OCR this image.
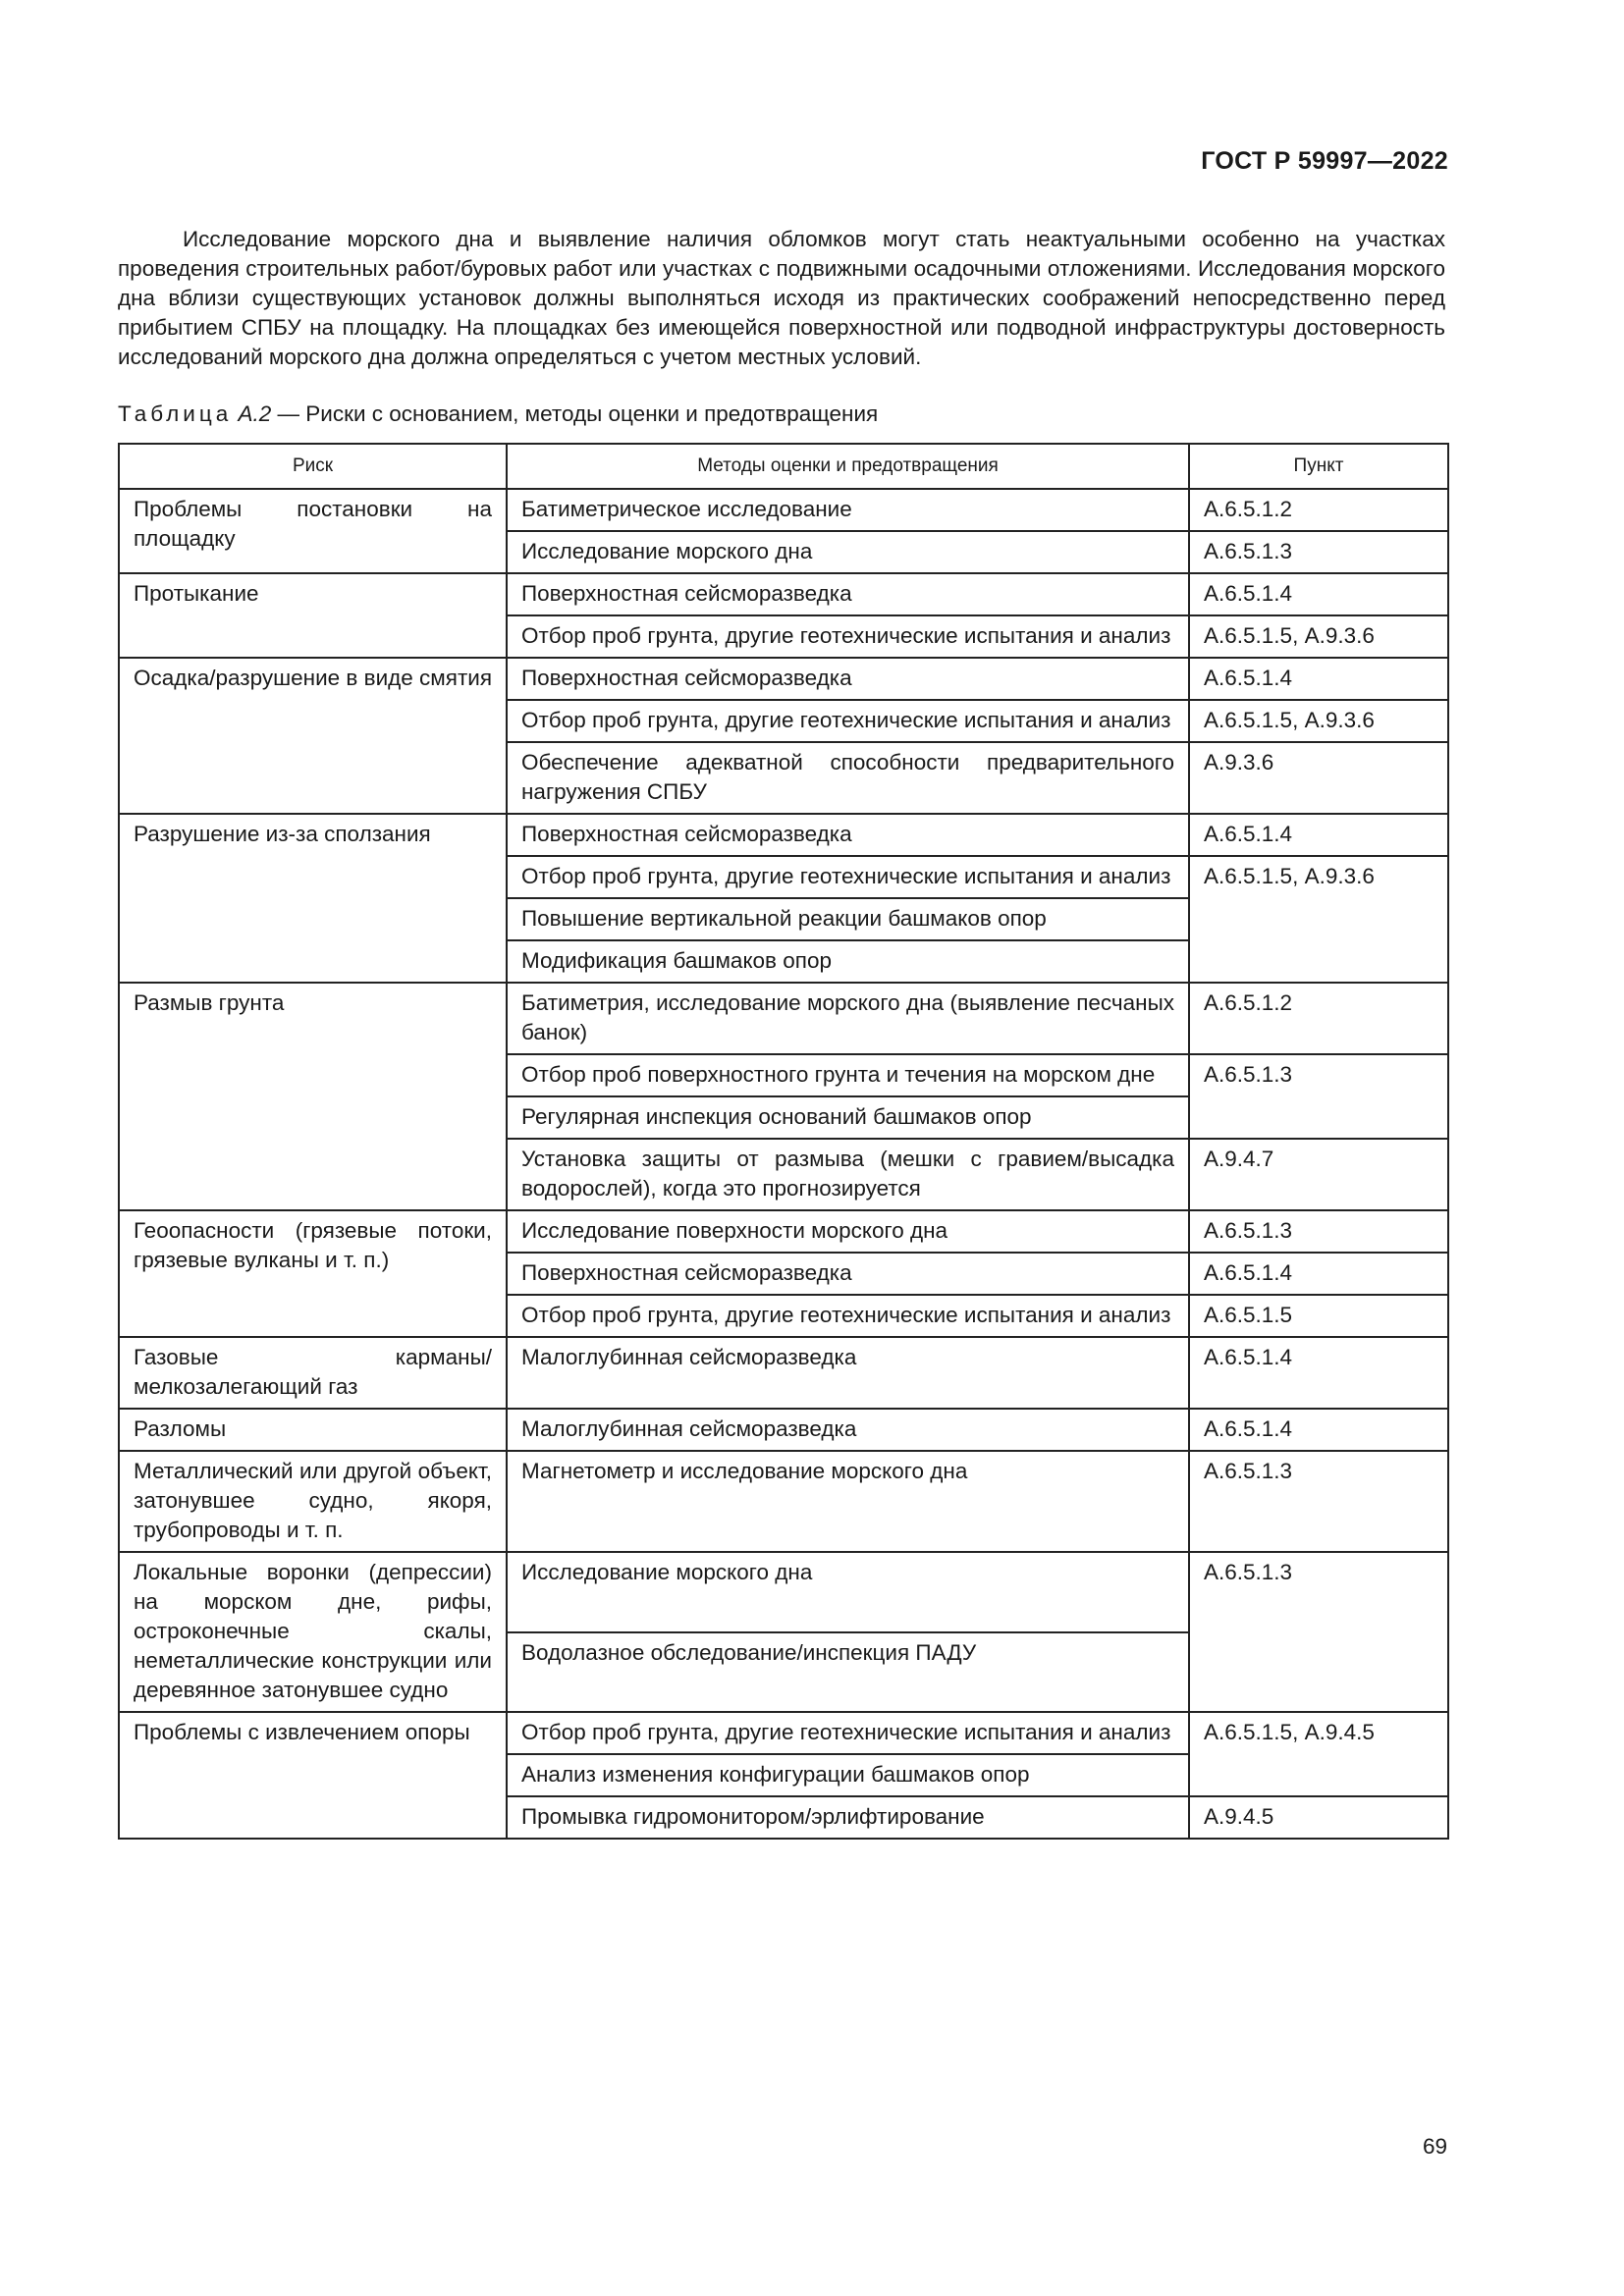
ГОСТ Р 59997—2022

Исследование морского дна и выявление наличия обломков могут стать неактуальными особенно на участках проведения строительных работ/буровых работ или участках с подвижными осадочными отложениями. Исследования морского дна вблизи существующих установок должны выполняться исходя из практических соображений непосредственно перед прибытием СПБУ на площадку. На площадках без имеющейся поверхностной или подводной инфраструктуры достоверность исследований морского дна должна определяться с учетом местных условий.

Таблица А.2 — Риски с основанием, методы оценки и предотвращения

Риск	Методы оценки и предотвращения	Пункт
Проблемы постановки на площадку	Батиметрическое исследование	А.6.5.1.2
	Исследование морского дна	А.6.5.1.3
Протыкание	Поверхностная сейсморазведка	А.6.5.1.4
	Отбор проб грунта, другие геотехнические испытания и анализ	А.6.5.1.5, А.9.3.6
Осадка/разрушение в виде смятия	Поверхностная сейсморазведка	А.6.5.1.4
	Отбор проб грунта, другие геотехнические испытания и анализ	А.6.5.1.5, А.9.3.6
	Обеспечение адекватной способности предварительного нагружения СПБУ	А.9.3.6
Разрушение из-за сползания	Поверхностная сейсморазведка	А.6.5.1.4
	Отбор проб грунта, другие геотехнические испытания и анализ	А.6.5.1.5, А.9.3.6
	Повышение вертикальной реакции башмаков опор	
	Модификация башмаков опор	
Размыв грунта	Батиметрия, исследование морского дна (выявление песчаных банок)	А.6.5.1.2
	Отбор проб поверхностного грунта и течения на морском дне	А.6.5.1.3
	Регулярная инспекция оснований башмаков опор	
	Установка защиты от размыва (мешки с гравием/высадка водорослей), когда это прогнозируется	А.9.4.7
Геоопасности (грязевые потоки, грязевые вулканы и т. п.)	Исследование поверхности морского дна	А.6.5.1.3
	Поверхностная сейсморазведка	А.6.5.1.4
	Отбор проб грунта, другие геотехнические испытания и анализ	А.6.5.1.5
Газовые карманы/мелкозалегающий газ	Малоглубинная сейсморазведка	А.6.5.1.4
Разломы	Малоглубинная сейсморазведка	А.6.5.1.4
Металлический или другой объект, затонувшее судно, якоря, трубопроводы и т. п.	Магнетометр и исследование морского дна	А.6.5.1.3
Локальные воронки (депрессии) на морском дне, рифы, остроконечные скалы, неметаллические конструкции или деревянное затонувшее судно	Исследование морского дна	А.6.5.1.3
	Водолазное обследование/инспекция ПАДУ	
Проблемы с извлечением опоры	Отбор проб грунта, другие геотехнические испытания и анализ	А.6.5.1.5, А.9.4.5
	Анализ изменения конфигурации башмаков опор	
	Промывка гидромонитором/эрлифтирование	А.9.4.5
69
